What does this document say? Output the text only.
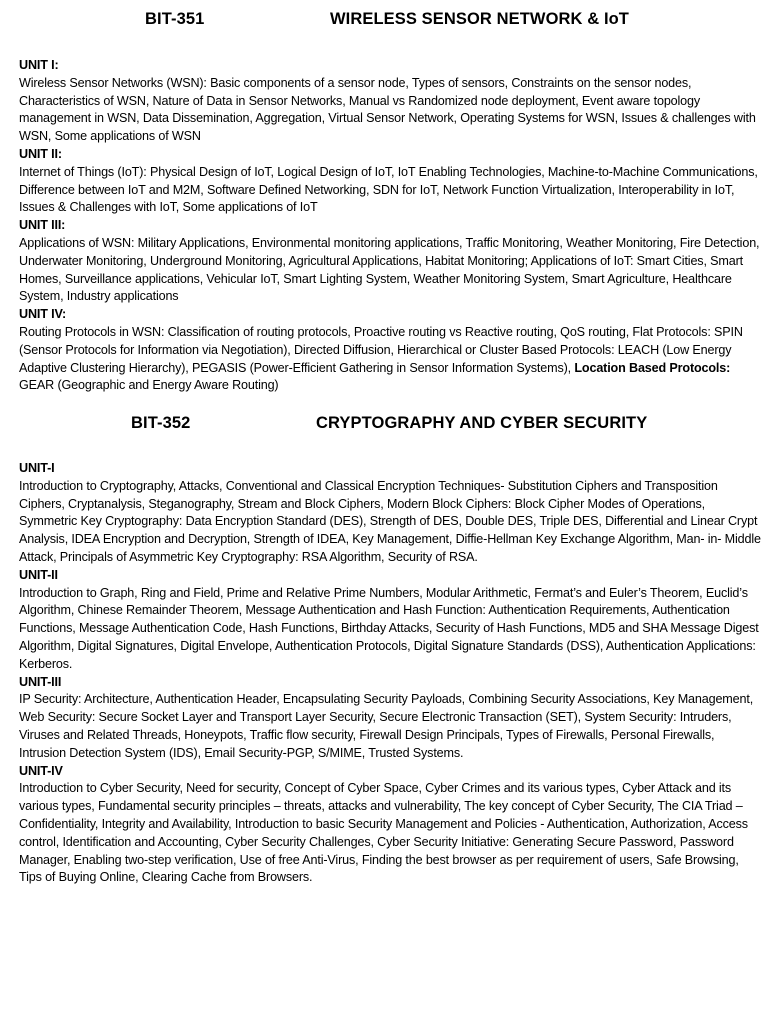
BIT-351	WIRELESS SENSOR NETWORK & IoT
UNIT I:
Wireless Sensor Networks (WSN): Basic components of a sensor node, Types of sensors, Constraints on the sensor nodes, Characteristics of WSN, Nature of Data in Sensor Networks, Manual vs Randomized node deployment, Event aware topology management in WSN, Data Dissemination, Aggregation, Virtual Sensor Network, Operating Systems for WSN, Issues & challenges with WSN, Some applications of WSN
UNIT II:
Internet of Things (IoT): Physical Design of IoT, Logical Design of IoT, IoT Enabling Technologies, Machine-to-Machine Communications, Difference between IoT and M2M, Software Defined Networking, SDN for IoT, Network Function Virtualization, Interoperability in IoT, Issues & Challenges with IoT, Some applications of IoT
UNIT III:
Applications of WSN: Military Applications, Environmental monitoring applications, Traffic Monitoring, Weather Monitoring, Fire Detection, Underwater Monitoring, Underground Monitoring, Agricultural Applications, Habitat Monitoring; Applications of IoT: Smart Cities, Smart Homes, Surveillance applications, Vehicular IoT, Smart Lighting System, Weather Monitoring System, Smart Agriculture, Healthcare System, Industry applications
UNIT IV:
Routing Protocols in WSN: Classification of routing protocols, Proactive routing vs Reactive routing, QoS routing, Flat Protocols: SPIN (Sensor Protocols for Information via Negotiation), Directed Diffusion, Hierarchical or Cluster Based Protocols: LEACH (Low Energy Adaptive Clustering Hierarchy), PEGASIS (Power-Efficient Gathering in Sensor Information Systems), Location Based Protocols: GEAR (Geographic and Energy Aware Routing)
BIT-352	CRYPTOGRAPHY AND CYBER SECURITY
UNIT-I
Introduction to Cryptography, Attacks, Conventional and Classical Encryption Techniques- Substitution Ciphers and Transposition Ciphers, Cryptanalysis, Steganography, Stream and Block Ciphers, Modern Block Ciphers: Block Cipher Modes of Operations, Symmetric Key Cryptography: Data Encryption Standard (DES), Strength of DES, Double DES, Triple DES, Differential and Linear Crypt Analysis, IDEA Encryption and Decryption, Strength of IDEA, Key Management, Diffie-Hellman Key Exchange Algorithm, Man- in- Middle Attack, Principals of Asymmetric Key Cryptography: RSA Algorithm, Security of RSA.
UNIT-II
Introduction to Graph, Ring and Field, Prime and Relative Prime Numbers, Modular Arithmetic, Fermat’s and Euler’s Theorem, Euclid’s Algorithm, Chinese Remainder Theorem, Message Authentication and Hash Function: Authentication Requirements, Authentication Functions, Message Authentication Code, Hash Functions, Birthday Attacks, Security of Hash Functions, MD5 and SHA Message Digest Algorithm, Digital Signatures, Digital Envelope, Authentication Protocols, Digital Signature Standards (DSS), Authentication Applications: Kerberos.
UNIT-III
IP Security: Architecture, Authentication Header, Encapsulating Security Payloads, Combining Security Associations, Key Management, Web Security: Secure Socket Layer and Transport Layer Security, Secure Electronic Transaction (SET), System Security: Intruders, Viruses and Related Threads, Honeypots, Traffic flow security, Firewall Design Principals, Types of Firewalls, Personal Firewalls, Intrusion Detection System (IDS), Email Security-PGP, S/MIME, Trusted Systems.
UNIT-IV
Introduction to Cyber Security, Need for security, Concept of Cyber Space, Cyber Crimes and its various types, Cyber Attack and its various types, Fundamental security principles – threats, attacks and vulnerability, The key concept of Cyber Security, The CIA Triad –Confidentiality, Integrity and Availability, Introduction to basic Security Management and Policies - Authentication, Authorization, Access control, Identification and Accounting, Cyber Security Challenges, Cyber Security Initiative: Generating Secure Password, Password Manager, Enabling two-step verification, Use of free Anti-Virus, Finding the best browser as per requirement of users, Safe Browsing, Tips of Buying Online, Clearing Cache from Browsers.
